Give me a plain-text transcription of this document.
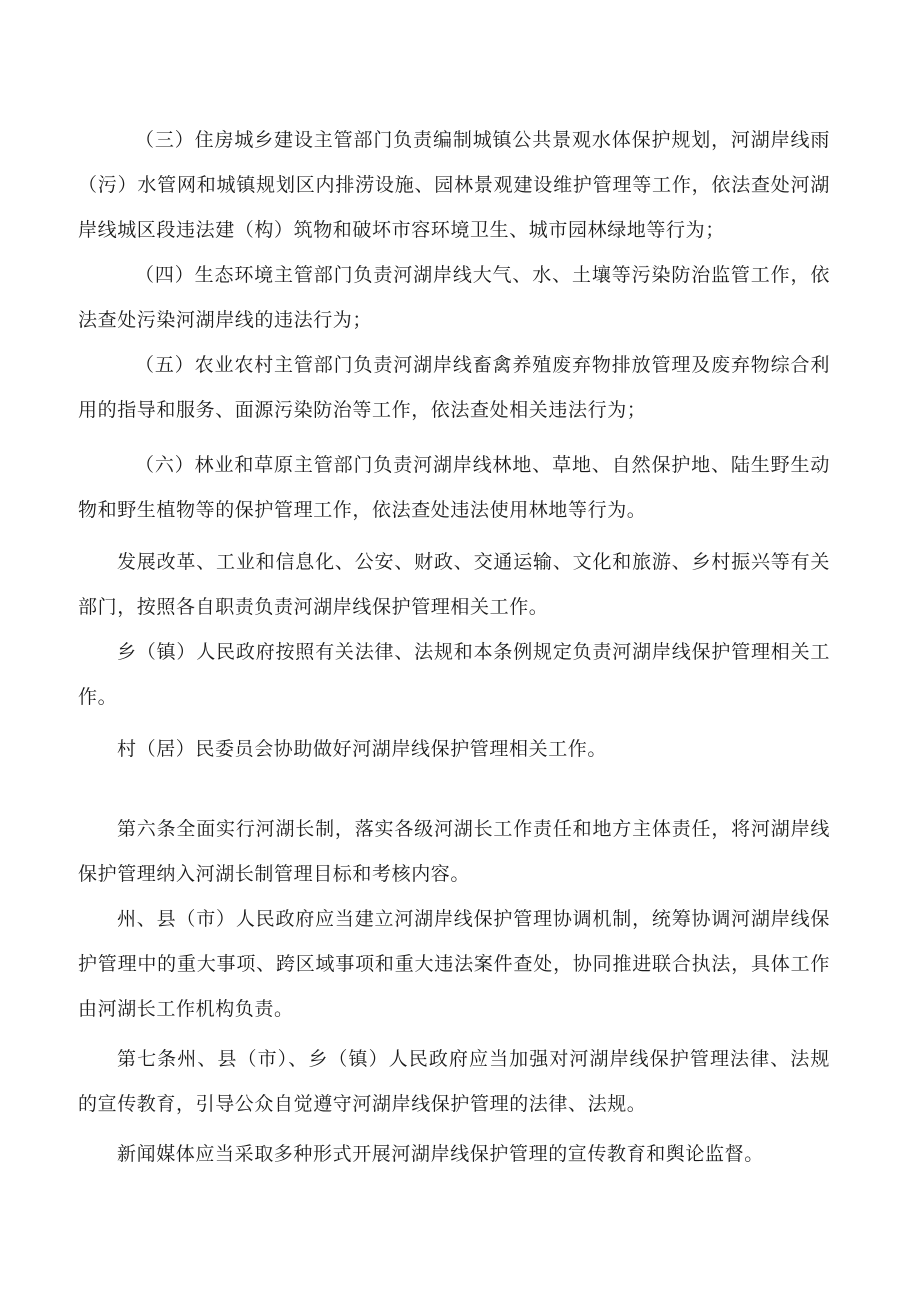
（三）住房城乡建设主管部门负责编制城镇公共景观水体保护规划，河湖岸线雨（污）水管网和城镇规划区内排涝设施、园林景观建设维护管理等工作，依法查处河湖岸线城区段违法建（构）筑物和破坏市容环境卫生、城市园林绿地等行为；

（四）生态环境主管部门负责河湖岸线大气、水、土壤等污染防治监管工作，依法查处污染河湖岸线的违法行为；

（五）农业农村主管部门负责河湖岸线畜禽养殖废弃物排放管理及废弃物综合利用的指导和服务、面源污染防治等工作，依法查处相关违法行为；

（六）林业和草原主管部门负责河湖岸线林地、草地、自然保护地、陆生野生动物和野生植物等的保护管理工作，依法查处违法使用林地等行为。

发展改革、工业和信息化、公安、财政、交通运输、文化和旅游、乡村振兴等有关部门，按照各自职责负责河湖岸线保护管理相关工作。

乡（镇）人民政府按照有关法律、法规和本条例规定负责河湖岸线保护管理相关工作。

村（居）民委员会协助做好河湖岸线保护管理相关工作。

第六条全面实行河湖长制，落实各级河湖长工作责任和地方主体责任，将河湖岸线保护管理纳入河湖长制管理目标和考核内容。

州、县（市）人民政府应当建立河湖岸线保护管理协调机制，统筹协调河湖岸线保护管理中的重大事项、跨区域事项和重大违法案件查处，协同推进联合执法，具体工作由河湖长工作机构负责。

第七条州、县（市）、乡（镇）人民政府应当加强对河湖岸线保护管理法律、法规的宣传教育，引导公众自觉遵守河湖岸线保护管理的法律、法规。

新闻媒体应当采取多种形式开展河湖岸线保护管理的宣传教育和舆论监督。
